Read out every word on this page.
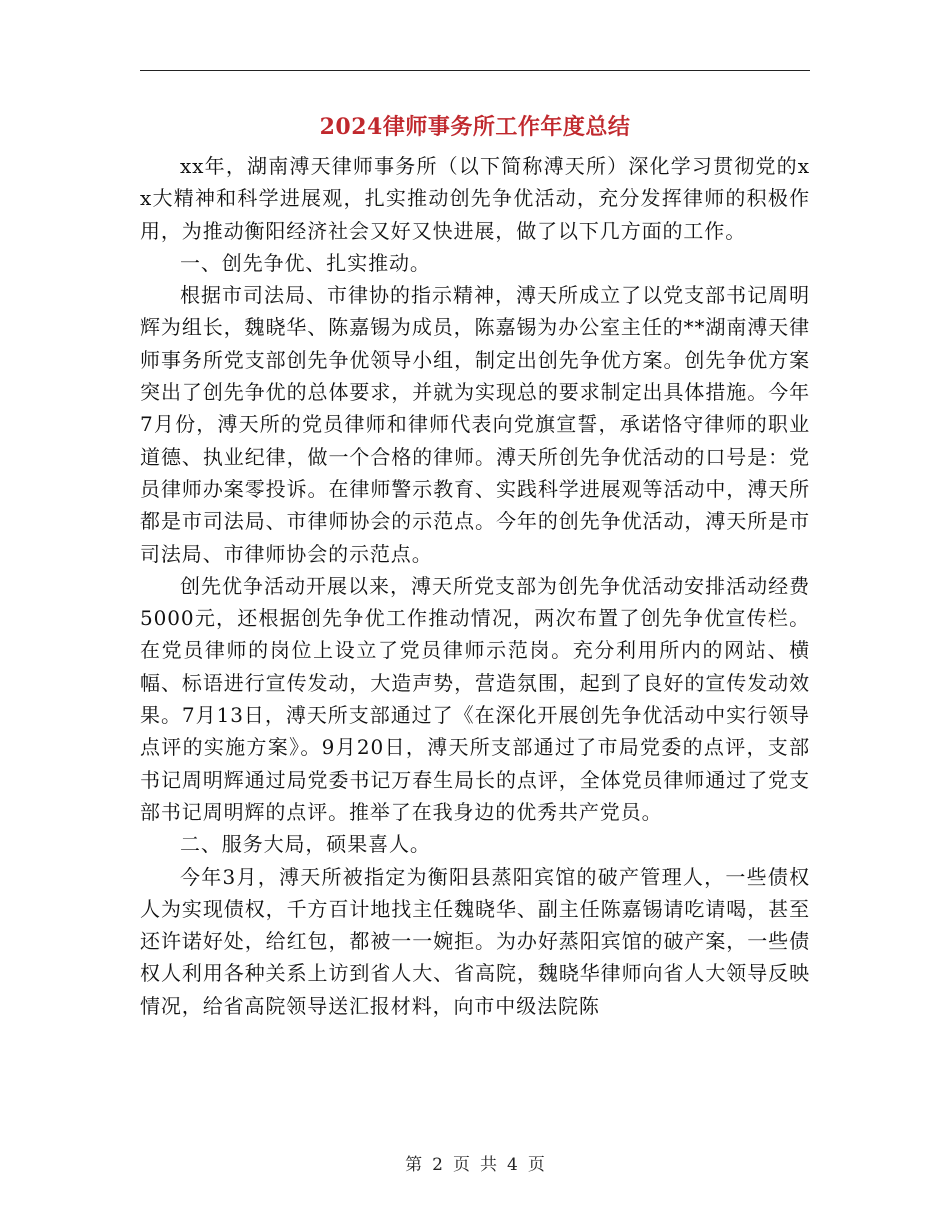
2024律师事务所工作年度总结

xx年，湖南溥天律师事务所（以下简称溥天所）深化学习贯彻党的xx大精神和科学进展观，扎实推动创先争优活动，充分发挥律师的积极作用，为推动衡阳经济社会又好又快进展，做了以下几方面的工作。

一、创先争优、扎实推动。

根据市司法局、市律协的指示精神，溥天所成立了以党支部书记周明辉为组长，魏晓华、陈嘉锡为成员，陈嘉锡为办公室主任的**湖南溥天律师事务所党支部创先争优领导小组，制定出创先争优方案。创先争优方案突出了创先争优的总体要求，并就为实现总的要求制定出具体措施。今年7月份，溥天所的党员律师和律师代表向党旗宣誓，承诺恪守律师的职业道德、执业纪律，做一个合格的律师。溥天所创先争优活动的口号是：党员律师办案零投诉。在律师警示教育、实践科学进展观等活动中，溥天所都是市司法局、市律师协会的示范点。今年的创先争优活动，溥天所是市司法局、市律师协会的示范点。

创先优争活动开展以来，溥天所党支部为创先争优活动安排活动经费5000元，还根据创先争优工作推动情况，两次布置了创先争优宣传栏。在党员律师的岗位上设立了党员律师示范岗。充分利用所内的网站、横幅、标语进行宣传发动，大造声势，营造氛围，起到了良好的宣传发动效果。7月13日，溥天所支部通过了《在深化开展创先争优活动中实行领导点评的实施方案》。9月20日，溥天所支部通过了市局党委的点评，支部书记周明辉通过局党委书记万春生局长的点评，全体党员律师通过了党支部书记周明辉的点评。推举了在我身边的优秀共产党员。

二、服务大局，硕果喜人。

今年3月，溥天所被指定为衡阳县蒸阳宾馆的破产管理人，一些债权人为实现债权，千方百计地找主任魏晓华、副主任陈嘉锡请吃请喝，甚至还许诺好处，给红包，都被一一婉拒。为办好蒸阳宾馆的破产案，一些债权人利用各种关系上访到省人大、省高院，魏晓华律师向省人大领导反映情况，给省高院领导送汇报材料，向市中级法院陈

第 2 页 共 4 页
